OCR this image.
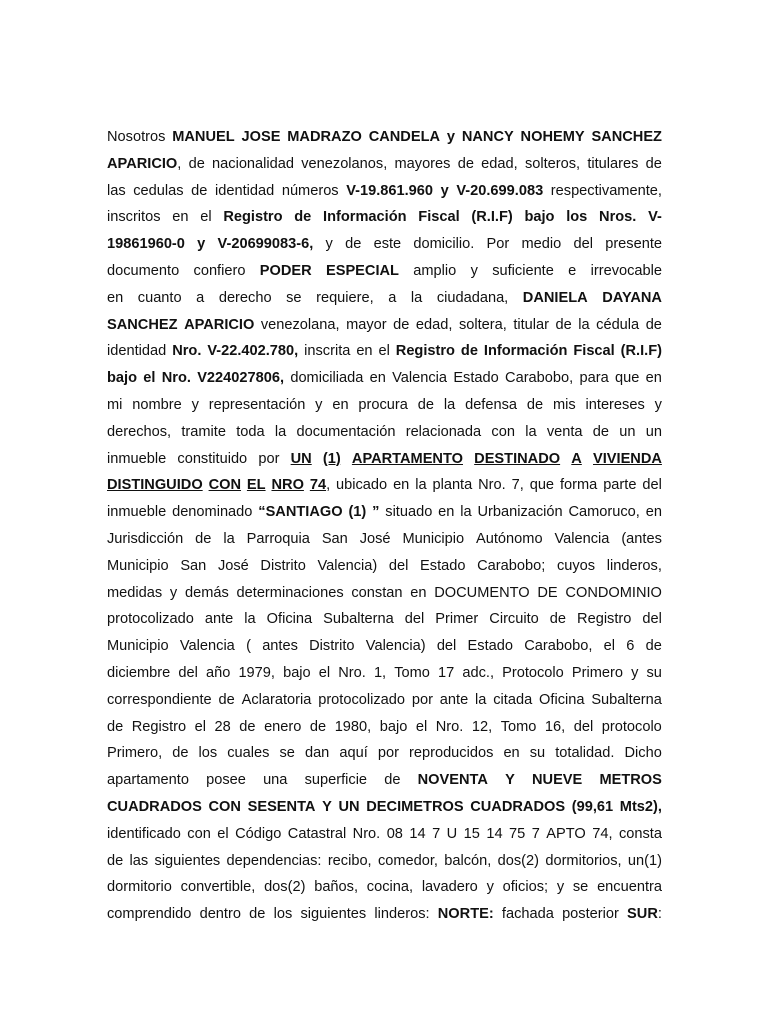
Nosotros MANUEL JOSE MADRAZO CANDELA y NANCY NOHEMY SANCHEZ
APARICIO, de nacionalidad venezolanos, mayores de edad, solteros, titulares de
las cedulas de identidad números V-19.861.960 y V-20.699.083 respectivamente,
inscritos en el Registro de Información Fiscal (R.I.F) bajo los Nros. V-
19861960-0 y V-20699083-6, y de este domicilio. Por medio del presente
documento confiero PODER ESPECIAL amplio y suficiente e irrevocable
en cuanto a derecho se requiere, a la ciudadana, DANIELA DAYANA
SANCHEZ APARICIO venezolana, mayor de edad, soltera, titular de la cédula de
identidad Nro. V-22.402.780, inscrita en el Registro de Información Fiscal (R.I.F)
bajo el Nro. V224027806, domiciliada en Valencia Estado Carabobo, para que en
mi nombre y representación y en procura de la defensa de mis intereses y
derechos, tramite toda la documentación relacionada con la venta de un un
inmueble constituido por UN (1) APARTAMENTO DESTINADO A VIVIENDA
DISTINGUIDO CON EL NRO 74, ubicado en la planta Nro. 7, que forma parte del
inmueble denominado “SANTIAGO (1) ” situado en la Urbanización Camoruco, en
Jurisdicción de la Parroquia San José Municipio Autónomo Valencia (antes
Municipio San José Distrito Valencia) del Estado Carabobo; cuyos linderos,
medidas y demás determinaciones constan en DOCUMENTO DE CONDOMINIO
protocolizado ante la Oficina Subalterna del Primer Circuito de Registro del
Municipio Valencia ( antes Distrito Valencia) del Estado Carabobo, el 6 de
diciembre del año 1979, bajo el Nro. 1, Tomo 17 adc., Protocolo Primero y su
correspondiente de Aclaratoria protocolizado por ante la citada Oficina Subalterna
de Registro el 28 de enero de 1980, bajo el Nro. 12, Tomo 16, del protocolo
Primero, de los cuales se dan aquí por reproducidos en su totalidad. Dicho
apartamento posee una superficie de NOVENTA Y NUEVE METROS
CUADRADOS CON SESENTA Y UN DECIMETROS CUADRADOS (99,61 Mts2),
identificado con el Código Catastral Nro. 08 14 7 U 15 14 75 7 APTO 74, consta
de las siguientes dependencias: recibo, comedor, balcón, dos(2) dormitorios, un(1)
dormitorio convertible, dos(2) baños, cocina, lavadero y oficios; y se encuentra
comprendido dentro de los siguientes linderos: NORTE: fachada posterior SUR:
